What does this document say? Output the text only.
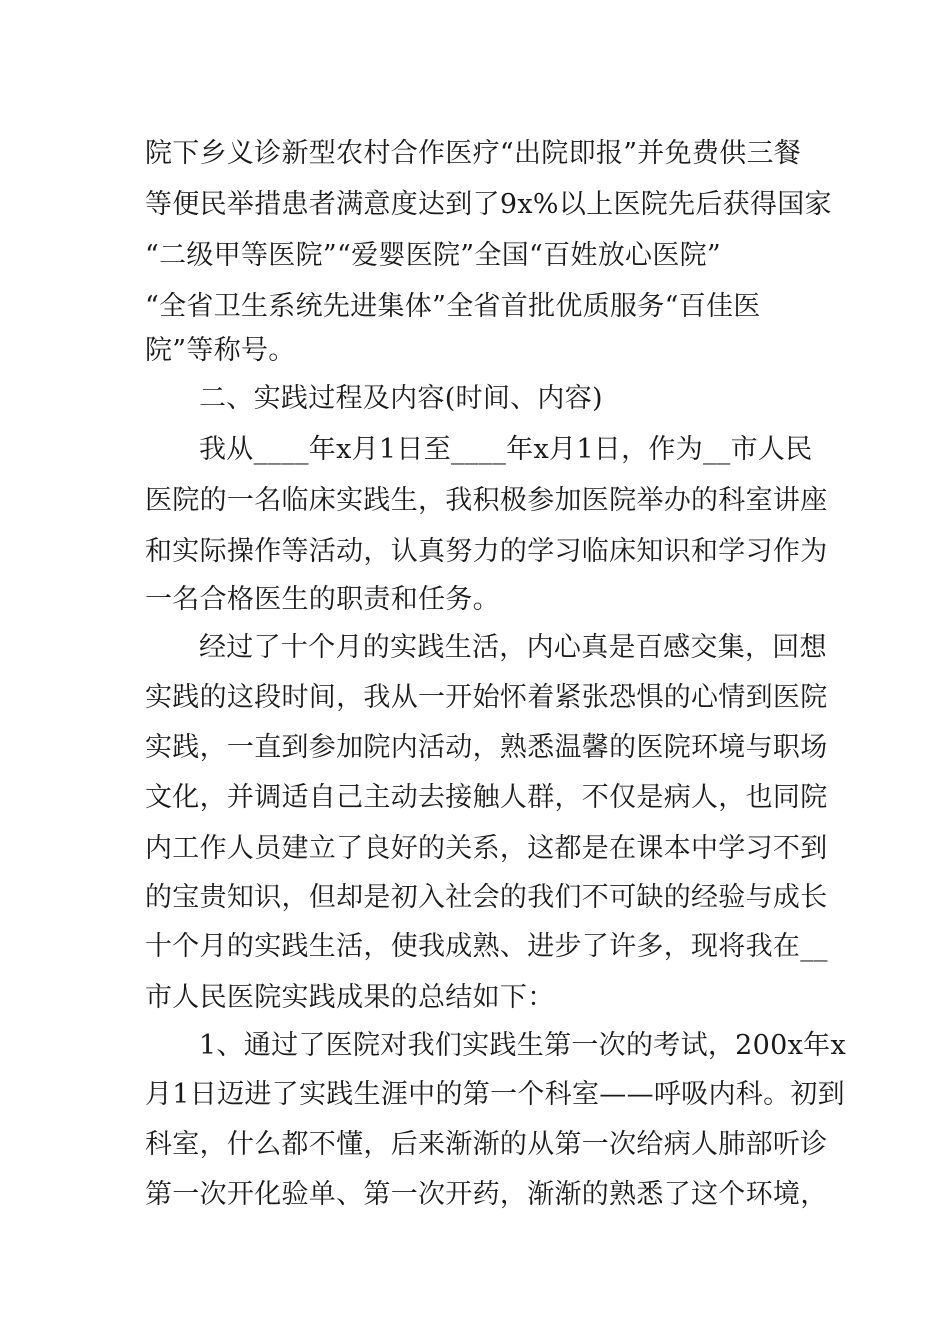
院下乡义诊新型农村合作医疗“出院即报”并免费供三餐
等便民举措患者满意度达到了9x%以上医院先后获得国家
“二级甲等医院”“爱婴医院”全国“百姓放心医院”
“全省卫生系统先进集体”全省首批优质服务“百佳医
院”等称号。
二、实践过程及内容(时间、内容)
我从____年x月1日至____年x月1日，作为__市人民
医院的一名临床实践生，我积极参加医院举办的科室讲座
和实际操作等活动，认真努力的学习临床知识和学习作为
一名合格医生的职责和任务。
经过了十个月的实践生活，内心真是百感交集，回想
实践的这段时间，我从一开始怀着紧张恐惧的心情到医院
实践，一直到参加院内活动，熟悉温馨的医院环境与职场
文化，并调适自己主动去接触人群，不仅是病人，也同院
内工作人员建立了良好的关系，这都是在课本中学习不到
的宝贵知识，但却是初入社会的我们不可缺的经验与成长
十个月的实践生活，使我成熟、进步了许多，现将我在__
市人民医院实践成果的总结如下：
1、通过了医院对我们实践生第一次的考试，200x年x
月1日迈进了实践生涯中的第一个科室——呼吸内科。初到
科室，什么都不懂，后来渐渐的从第一次给病人肺部听诊
第一次开化验单、第一次开药，渐渐的熟悉了这个环境，
